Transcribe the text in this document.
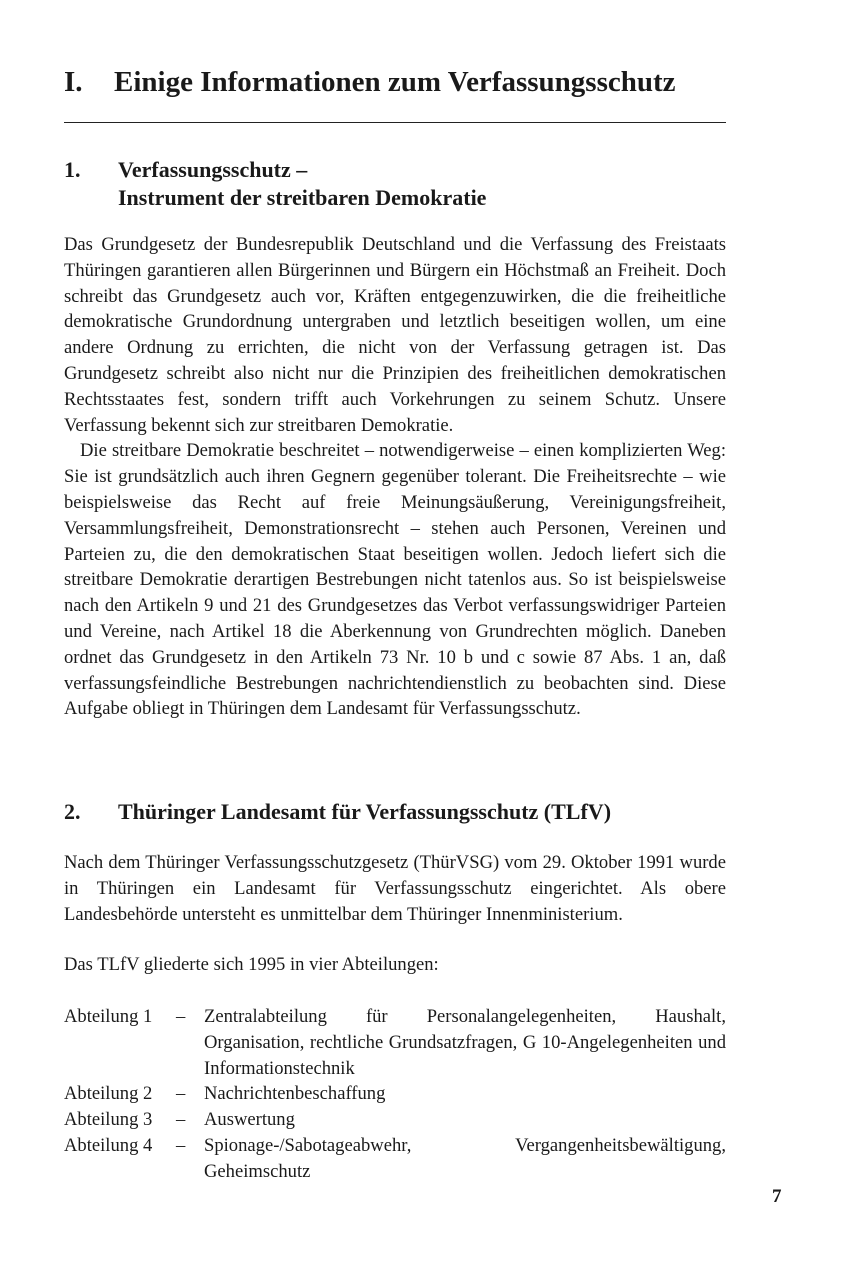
I. Einige Informationen zum Verfassungsschutz
1. Verfassungsschutz –
Instrument der streitbaren Demokratie

Das Grundgesetz der Bundesrepublik Deutschland und die Verfassung des Freistaats Thüringen garantieren allen Bürgerinnen und Bürgern ein Höchstmaß an Freiheit. Doch schreibt das Grundgesetz auch vor, Kräften entgegenzuwirken, die die freiheitliche demokratische Grundordnung untergraben und letztlich beseitigen wollen, um eine andere Ordnung zu errichten, die nicht von der Verfassung getragen ist. Das Grundgesetz schreibt also nicht nur die Prinzipien des freiheitlichen demokratischen Rechtsstaates fest, sondern trifft auch Vorkehrungen zu seinem Schutz. Unsere Verfassung bekennt sich zur streitbaren Demokratie.

Die streitbare Demokratie beschreitet – notwendigerweise – einen komplizierten Weg: Sie ist grundsätzlich auch ihren Gegnern gegenüber tolerant. Die Freiheitsrechte – wie beispielsweise das Recht auf freie Meinungsäußerung, Vereinigungsfreiheit, Versammlungsfreiheit, Demonstrationsrecht – stehen auch Personen, Vereinen und Parteien zu, die den demokratischen Staat beseitigen wollen. Jedoch liefert sich die streitbare Demokratie derartigen Bestrebungen nicht tatenlos aus. So ist beispielsweise nach den Artikeln 9 und 21 des Grundgesetzes das Verbot verfassungswidriger Parteien und Vereine, nach Artikel 18 die Aberkennung von Grundrechten möglich. Daneben ordnet das Grundgesetz in den Artikeln 73 Nr. 10 b und c sowie 87 Abs. 1 an, daß verfassungsfeindliche Bestrebungen nachrichtendienstlich zu beobachten sind. Diese Aufgabe obliegt in Thüringen dem Landesamt für Verfassungsschutz.

2. Thüringer Landesamt für Verfassungsschutz (TLfV)

Nach dem Thüringer Verfassungsschutzgesetz (ThürVSG) vom 29. Oktober 1991 wurde in Thüringen ein Landesamt für Verfassungsschutz eingerichtet. Als obere Landesbehörde untersteht es unmittelbar dem Thüringer Innenministerium.

Das TLfV gliederte sich 1995 in vier Abteilungen:

Abteilung 1	–	Zentralabteilung für Personalangelegenheiten, Haushalt, Organisation, rechtliche Grundsatzfragen, G 10-Angelegenheiten und Informationstechnik
Abteilung 2	–	Nachrichtenbeschaffung
Abteilung 3	–	Auswertung
Abteilung 4	–	Spionage-/Sabotageabwehr, Vergangenheitsbewältigung, Geheimschutz
7
